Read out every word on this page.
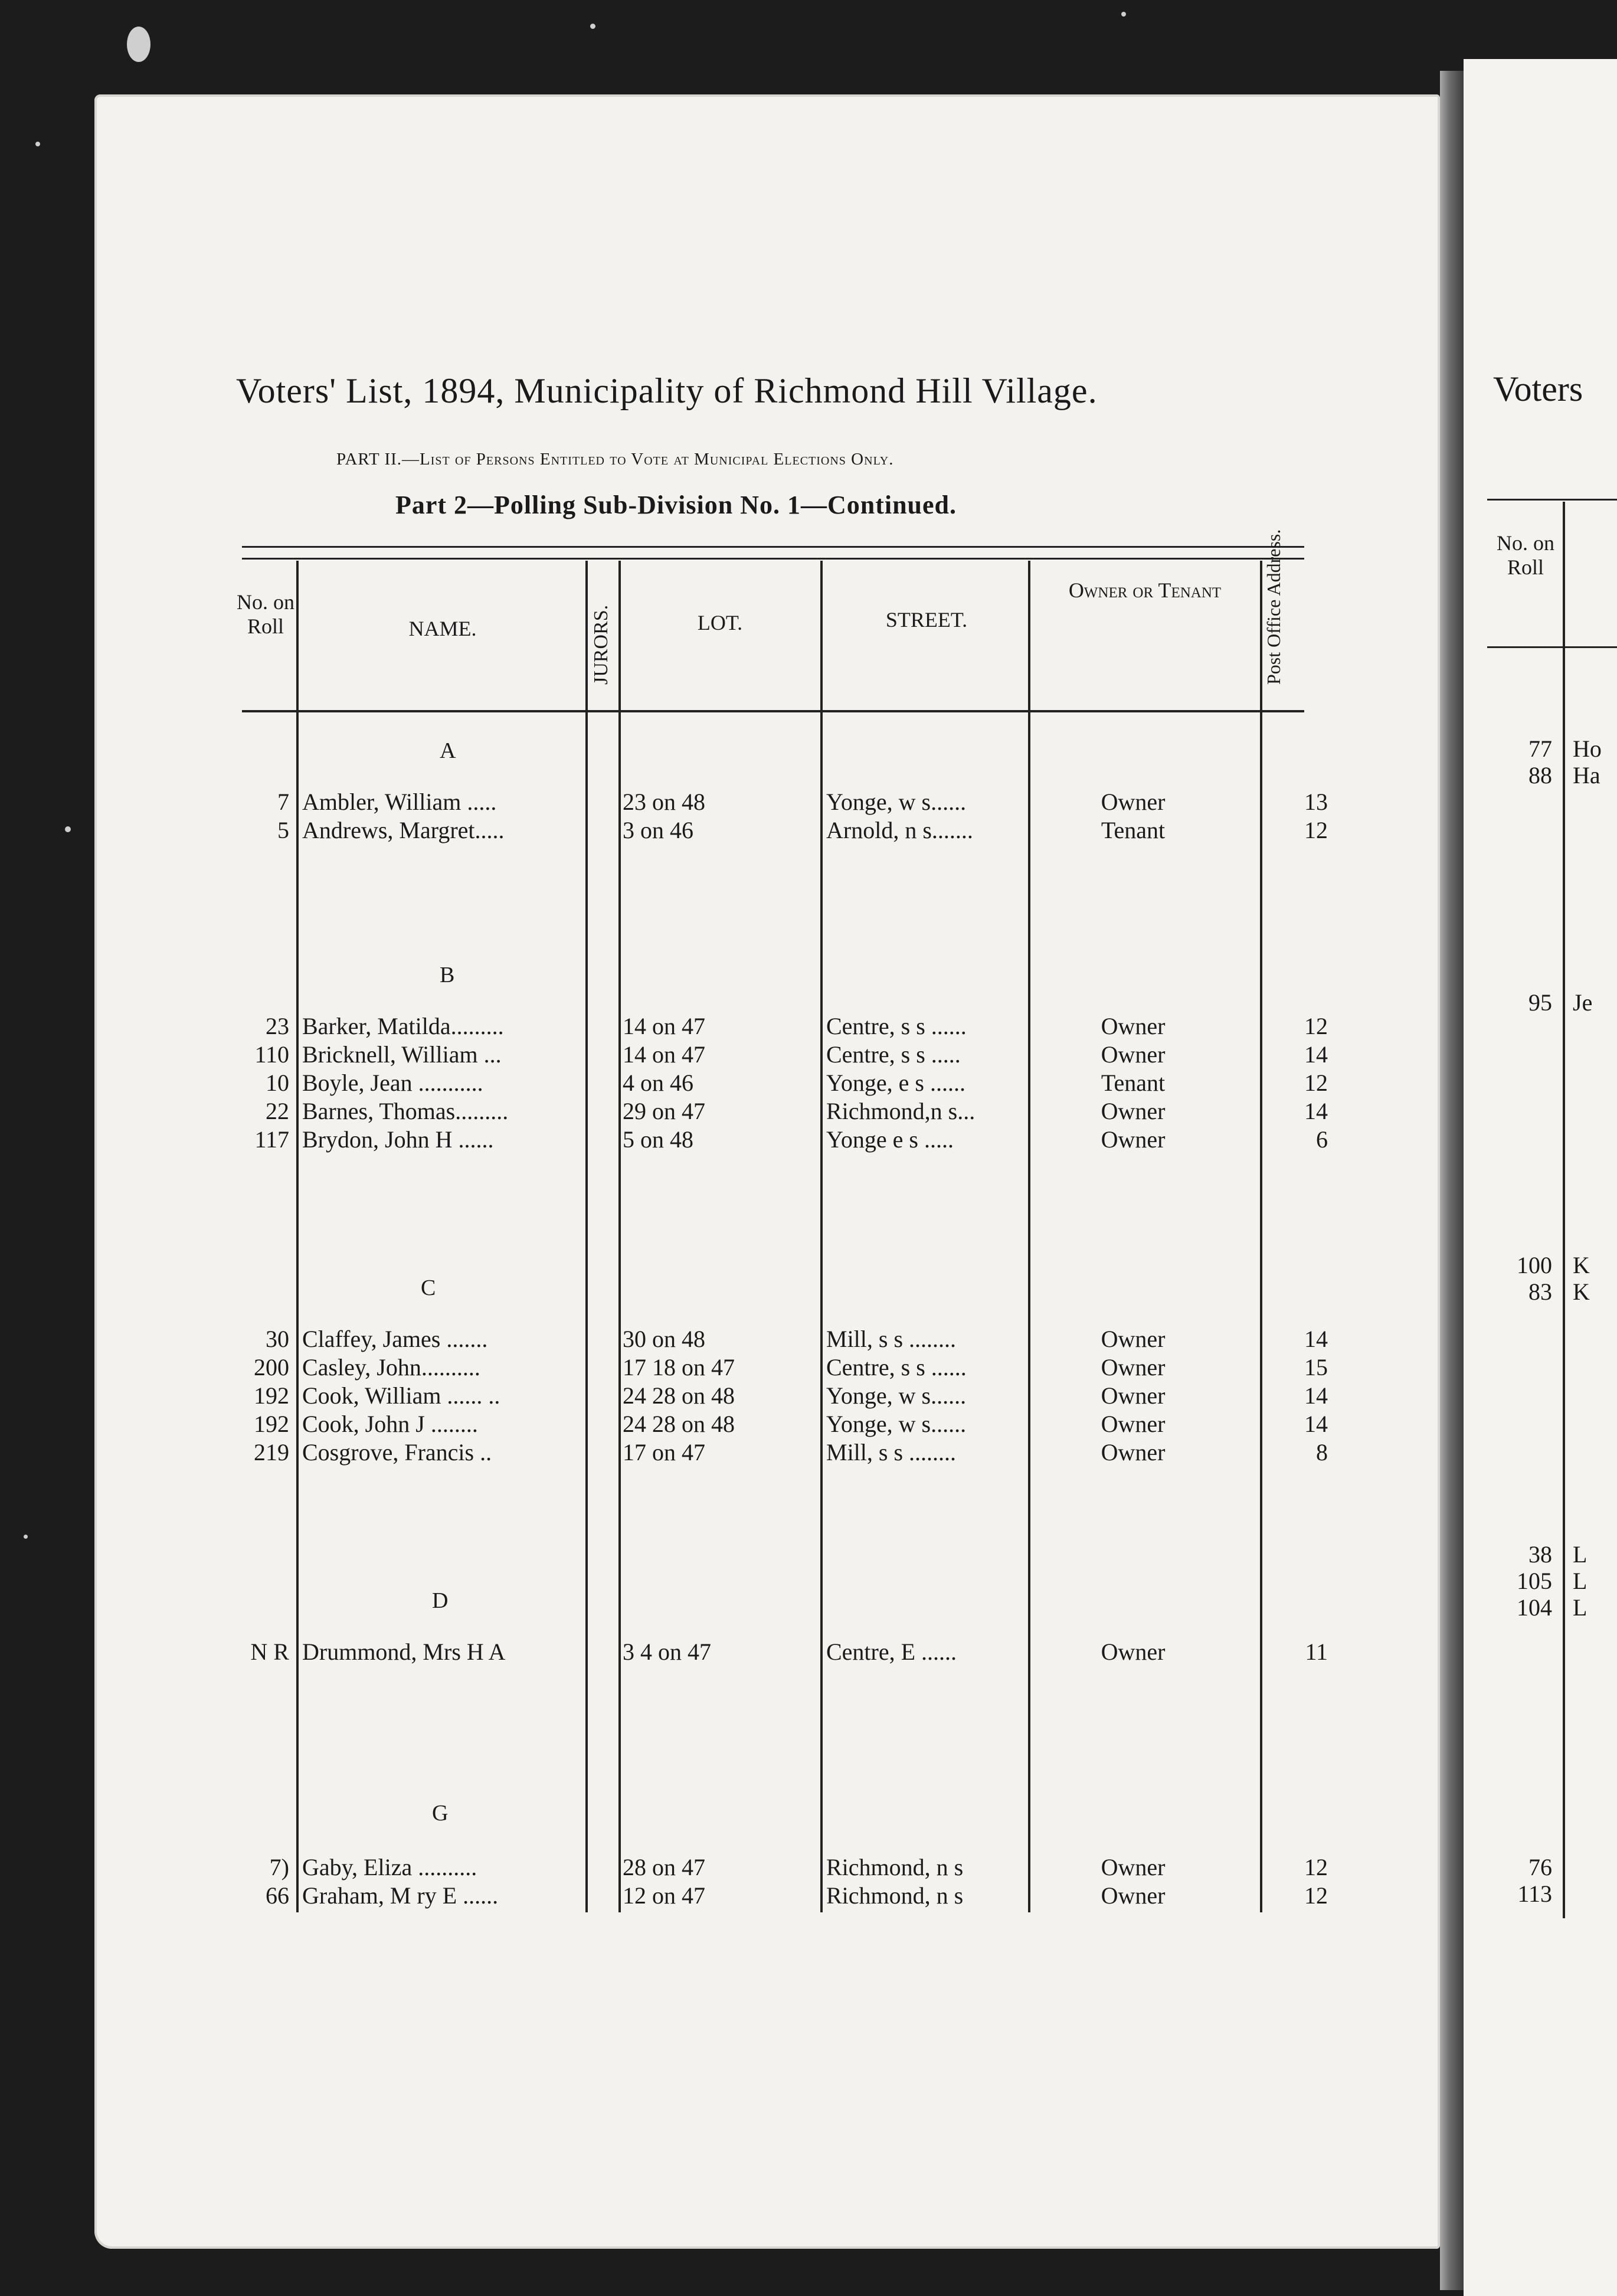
Voters' List, 1894, Municipality of Richmond Hill Village.
PART II.—List of Persons Entitled to Vote at Municipal Elections Only.
Part 2—Polling Sub-Division No. 1—Continued.
No. on Roll	NAME.	JURORS.	LOT.	STREET.
Owner or Tenant	Post Office Address.
A
B
C
D
G
7 Ambler, William .....	23 on 48	Yonge, w s......	Owner	13
5 Andrews, Margret.....	3 on 46	Arnold, n s.......	Tenant	12
23 Barker, Matilda.........	14 on 47	Centre, s s ......	Owner	12
110 Bricknell, William ...	14 on 47	Centre, s s .....	Owner	14
10 Boyle, Jean ...........	4 on 46	Yonge, e s ......	Tenant	12
22 Barnes, Thomas.........	29 on 47	Richmond,n s...	Owner	14
117 Brydon, John H ......	5 on 48	Yonge e s .....	Owner	6
30 Claffey, James .......	30 on 48	Mill, s s ........	Owner	14
200 Casley, John..........	17 18 on 47	Centre, s s ......	Owner	15
192 Cook, William ...... ..	24 28 on 48	Yonge, w s......	Owner	14
192 Cook, John J ........	24 28 on 48	Yonge, w s......	Owner	14
219 Cosgrove, Francis ..	17 on 47	Mill, s s ........	Owner	8
N R Drummond, Mrs H A	3 4 on 47	Centre, E ......	Owner	11
7) Gaby, Eliza ..........	28 on 47	Richmond, n s	Owner	12
66 Graham, M ry E ......	12 on 47	Richmond, n s	Owner	12
Voters
No. on Roll
77 Ho
88 Ha
95 Je
100 K
83 K
38 L
105 L
104 L
76
113
